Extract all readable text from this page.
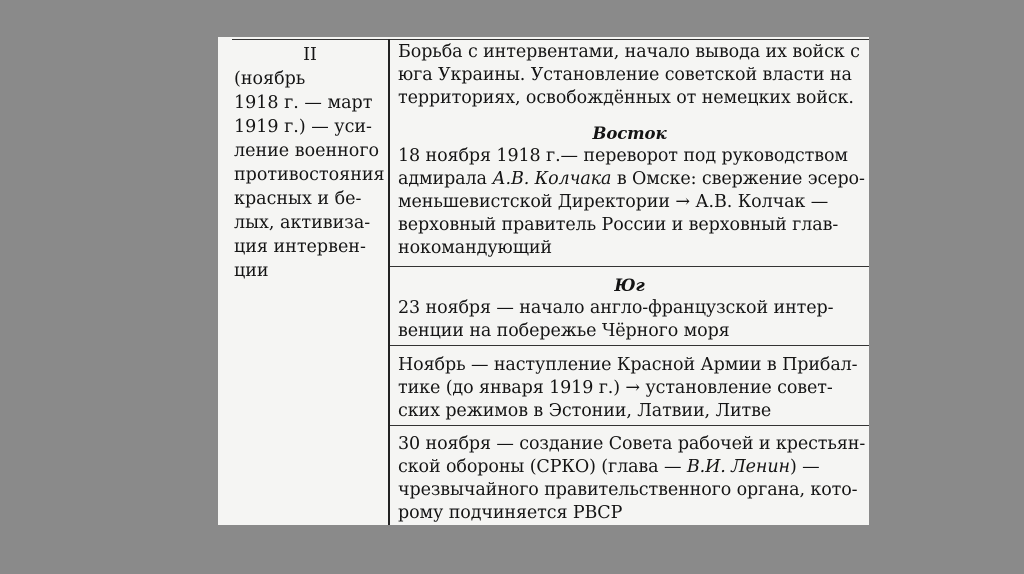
II
(ноябрь
1918 г. — март
1919 г.) — уси-
ление военного
противостояния
красных и бе-
лых, активиза-
ция интервен-
ции
Борьба с интервентами, начало вывода их войск с
юга Украины. Установление советской власти на
территориях, освобождённых от немецких войск.
Восток
18 ноября 1918 г.— переворот под руководством
адмирала А.В. Колчака в Омске: свержение эсеро-
меньшевистской Директории → А.В. Колчак —
верховный правитель России и верховный глав-
нокомандующий
Юг
23 ноября — начало англо-французской интер-
венции на побережье Чёрного моря
Ноябрь — наступление Красной Армии в Прибал-
тике (до января 1919 г.) → установление совет-
ских режимов в Эстонии, Латвии, Литве
30 ноября — создание Совета рабочей и крестьян-
ской обороны (СРКО) (глава — В.И. Ленин) —
чрезвычайного правительственного органа, кото-
рому подчиняется РВСР
